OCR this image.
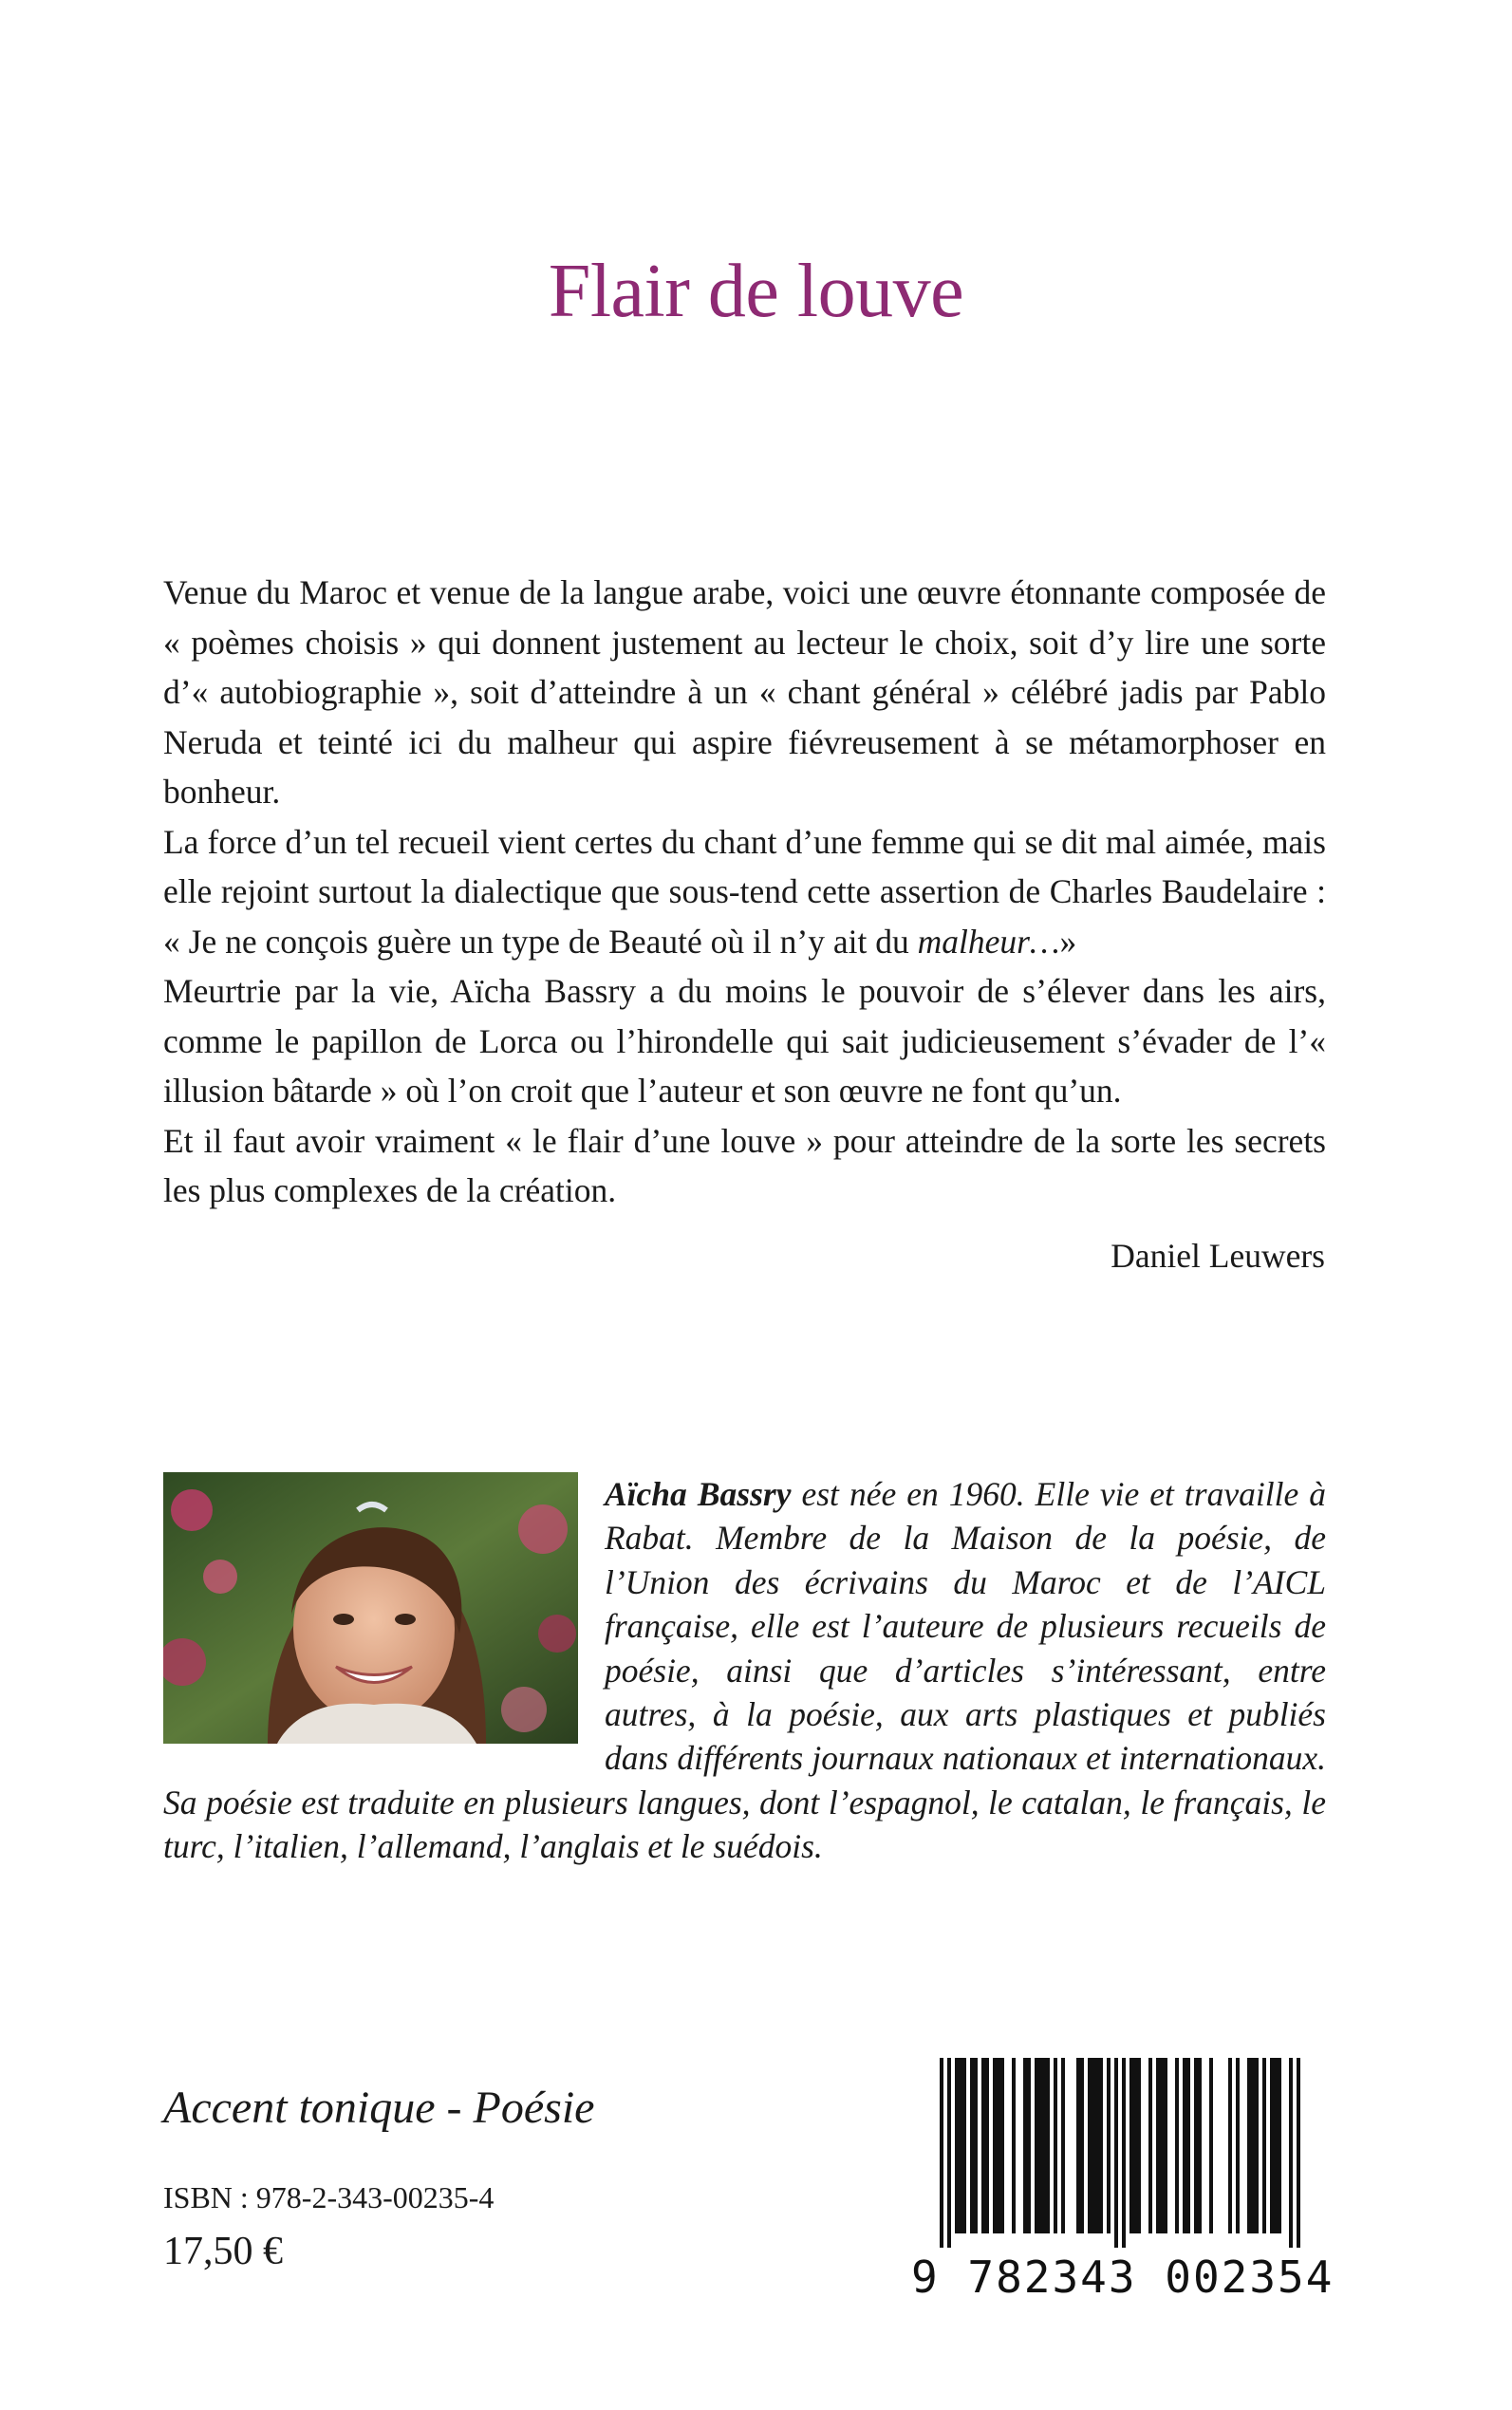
Flair de louve

Venue du Maroc et venue de la langue arabe, voici une œuvre étonnante composée de « poèmes choisis » qui donnent justement au lecteur le choix, soit d’y lire une sorte d’« autobiographie », soit d’atteindre à un « chant général » célébré jadis par Pablo Neruda et teinté ici du malheur qui aspire fiévreusement à se métamorphoser en bonheur.

La force d’un tel recueil vient certes du chant d’une femme qui se dit mal aimée, mais elle rejoint surtout la dialectique que sous-tend cette assertion de Charles Baudelaire : « Je ne conçois guère un type de Beauté où il n’y ait du malheur…»

Meurtrie par la vie, Aïcha Bassry a du moins le pouvoir de s’élever dans les airs, comme le papillon de Lorca ou l’hirondelle qui sait judicieusement s’évader de l’« illusion bâtarde » où l’on croit que l’auteur et son œuvre ne font qu’un.

Et il faut avoir vraiment « le flair d’une louve » pour atteindre de la sorte les secrets les plus complexes de la création.

Daniel Leuwers

Aïcha Bassry est née en 1960. Elle vie et travaille à Rabat. Membre de la Maison de la poésie, de l’Union des écrivains du Maroc et de l’AICL française, elle est l’auteure de plusieurs recueils de poésie, ainsi que d’articles s’intéressant, entre autres, à la poésie, aux arts plastiques et publiés dans différents journaux nationaux et internationaux. Sa poésie est traduite en plusieurs langues, dont l’espagnol, le catalan, le français, le turc, l’italien, l’allemand, l’anglais et le suédois.

Accent tonique - Poésie
ISBN : 978-2-343-00235-4
17,50 €	9 782343 002354
